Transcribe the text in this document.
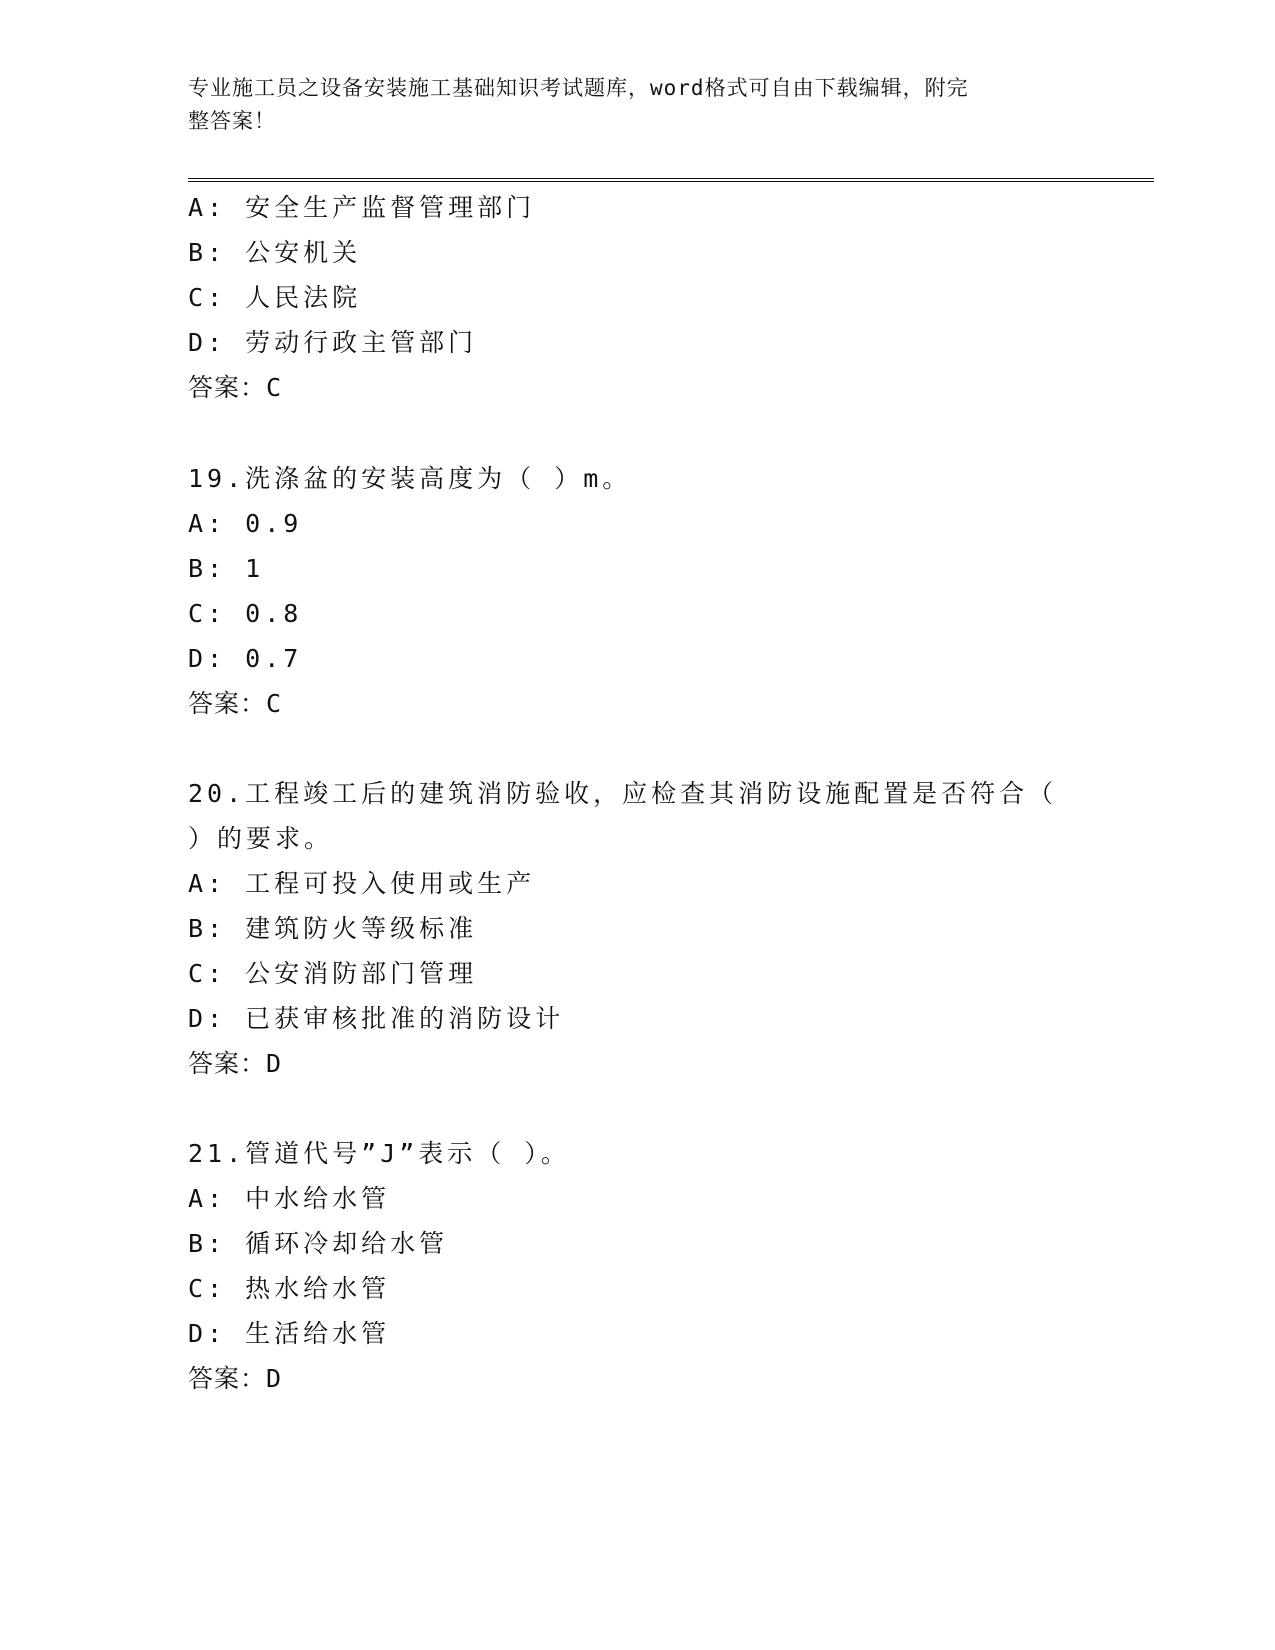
专业施工员之设备安装施工基础知识考试题库，word格式可自由下载编辑，附完
整答案！
A: 安全生产监督管理部门
B: 公安机关
C: 人民法院
D: 劳动行政主管部门
答案：C
19.洗涤盆的安装高度为（ ）m。
A: 0.9
B: 1
C: 0.8
D: 0.7
答案：C
20.工程竣工后的建筑消防验收，应检查其消防设施配置是否符合（
）的要求。
A: 工程可投入使用或生产
B: 建筑防火等级标准
C: 公安消防部门管理
D: 已获审核批准的消防设计
答案：D
21.管道代号”J”表示（ ）。
A: 中水给水管
B: 循环冷却给水管
C: 热水给水管
D: 生活给水管
答案：D
